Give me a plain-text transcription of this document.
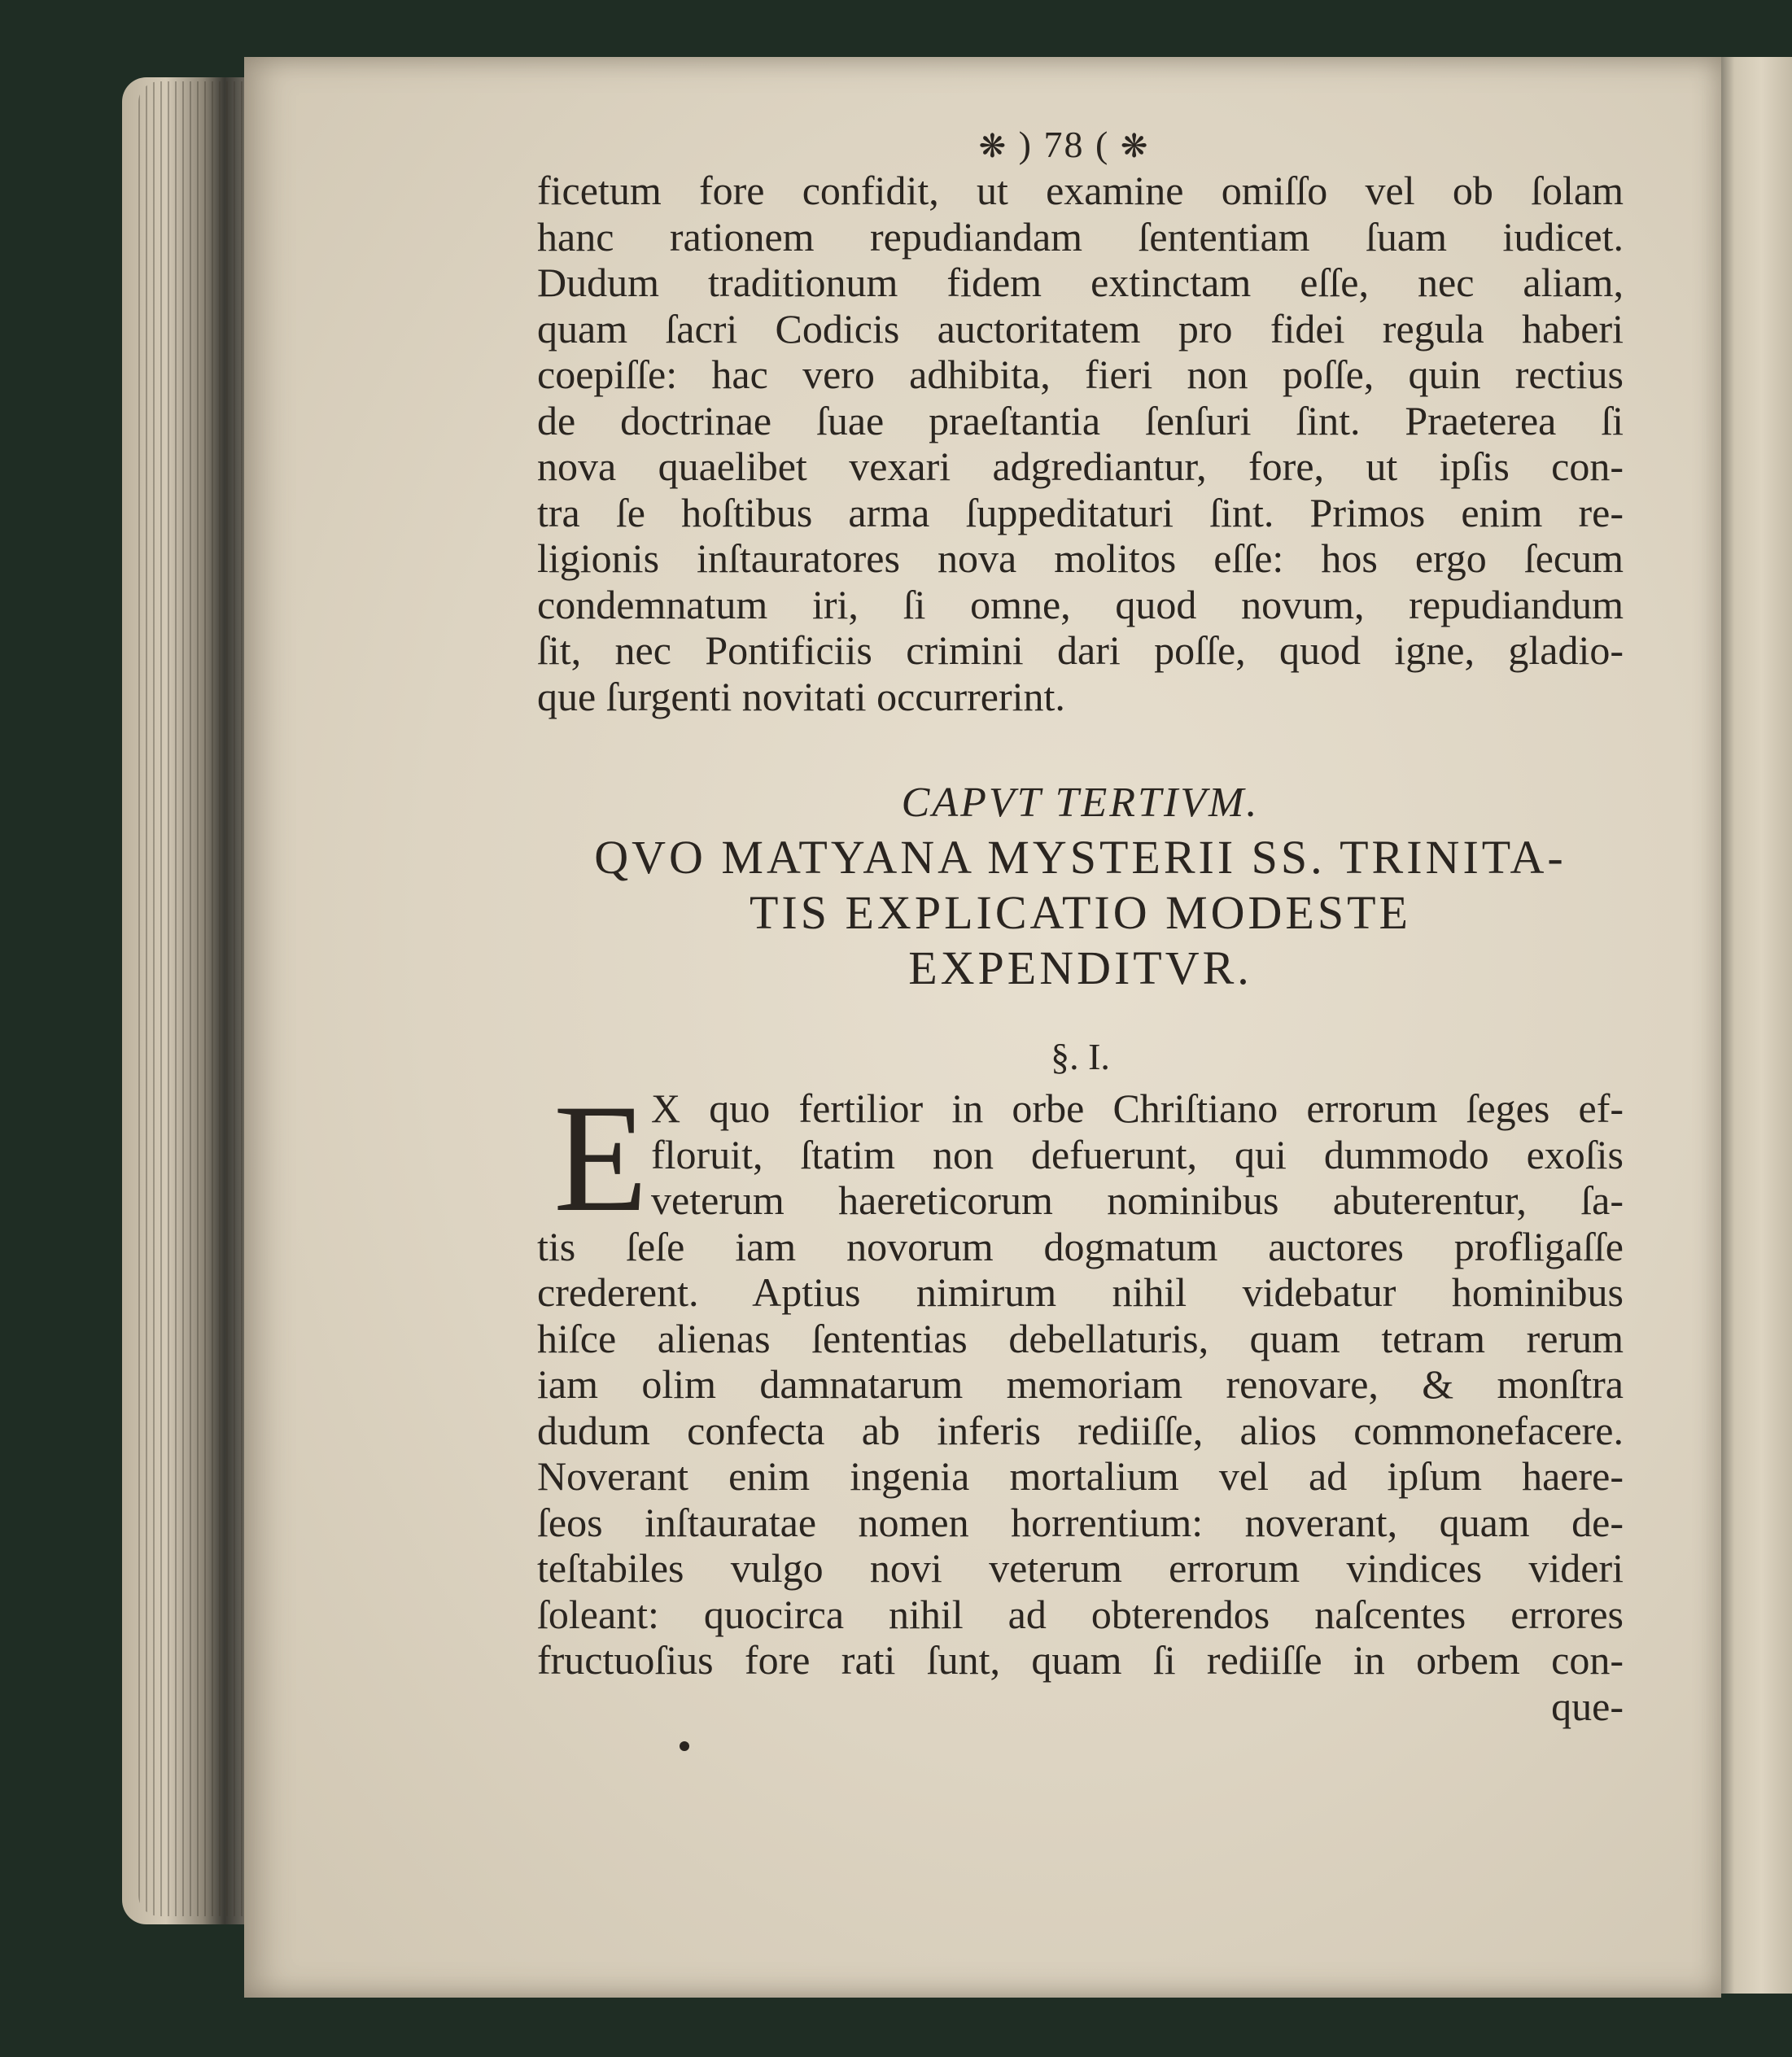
❋ ) 78 ( ❋
ficetum fore confidit, ut examine omiſſo vel ob ſolam
hanc rationem repudiandam ſententiam ſuam iudicet.
Dudum traditionum fidem extinctam eſſe, nec aliam,
quam ſacri Codicis auctoritatem pro fidei regula haberi
coepiſſe: hac vero adhibita, fieri non poſſe, quin rectius
de doctrinae ſuae praeſtantia ſenſuri ſint. Praeterea ſi
nova quaelibet vexari adgrediantur, fore, ut ipſis con-
tra ſe hoſtibus arma ſuppeditaturi ſint. Primos enim re-
ligionis inſtauratores nova molitos eſſe: hos ergo ſecum
condemnatum iri, ſi omne, quod novum, repudiandum
ſit, nec Pontificiis crimini dari poſſe, quod igne, gladio-
que ſurgenti novitati occurrerint.
CAPVT TERTIVM.
QVO MATYANA MYSTERII SS. TRINITA-
TIS EXPLICATIO MODESTE
EXPENDITVR.
§. I.
E X quo fertilior in orbe Chriſtiano errorum ſeges ef-
floruit, ſtatim non defuerunt, qui dummodo exoſis
veterum haereticorum nominibus abuterentur, ſa-
tis ſeſe iam novorum dogmatum auctores profligaſſe
crederent. Aptius nimirum nihil videbatur hominibus
hiſce alienas ſententias debellaturis, quam tetram rerum
iam olim damnatarum memoriam renovare, & monſtra
dudum confecta ab inferis rediiſſe, alios commonefacere.
Noverant enim ingenia mortalium vel ad ipſum haere-
ſeos inſtauratae nomen horrentium: noverant, quam de-
teſtabiles vulgo novi veterum errorum vindices videri
ſoleant: quocirca nihil ad obterendos naſcentes errores
fructuoſius fore rati ſunt, quam ſi rediiſſe in orbem con-
que-
